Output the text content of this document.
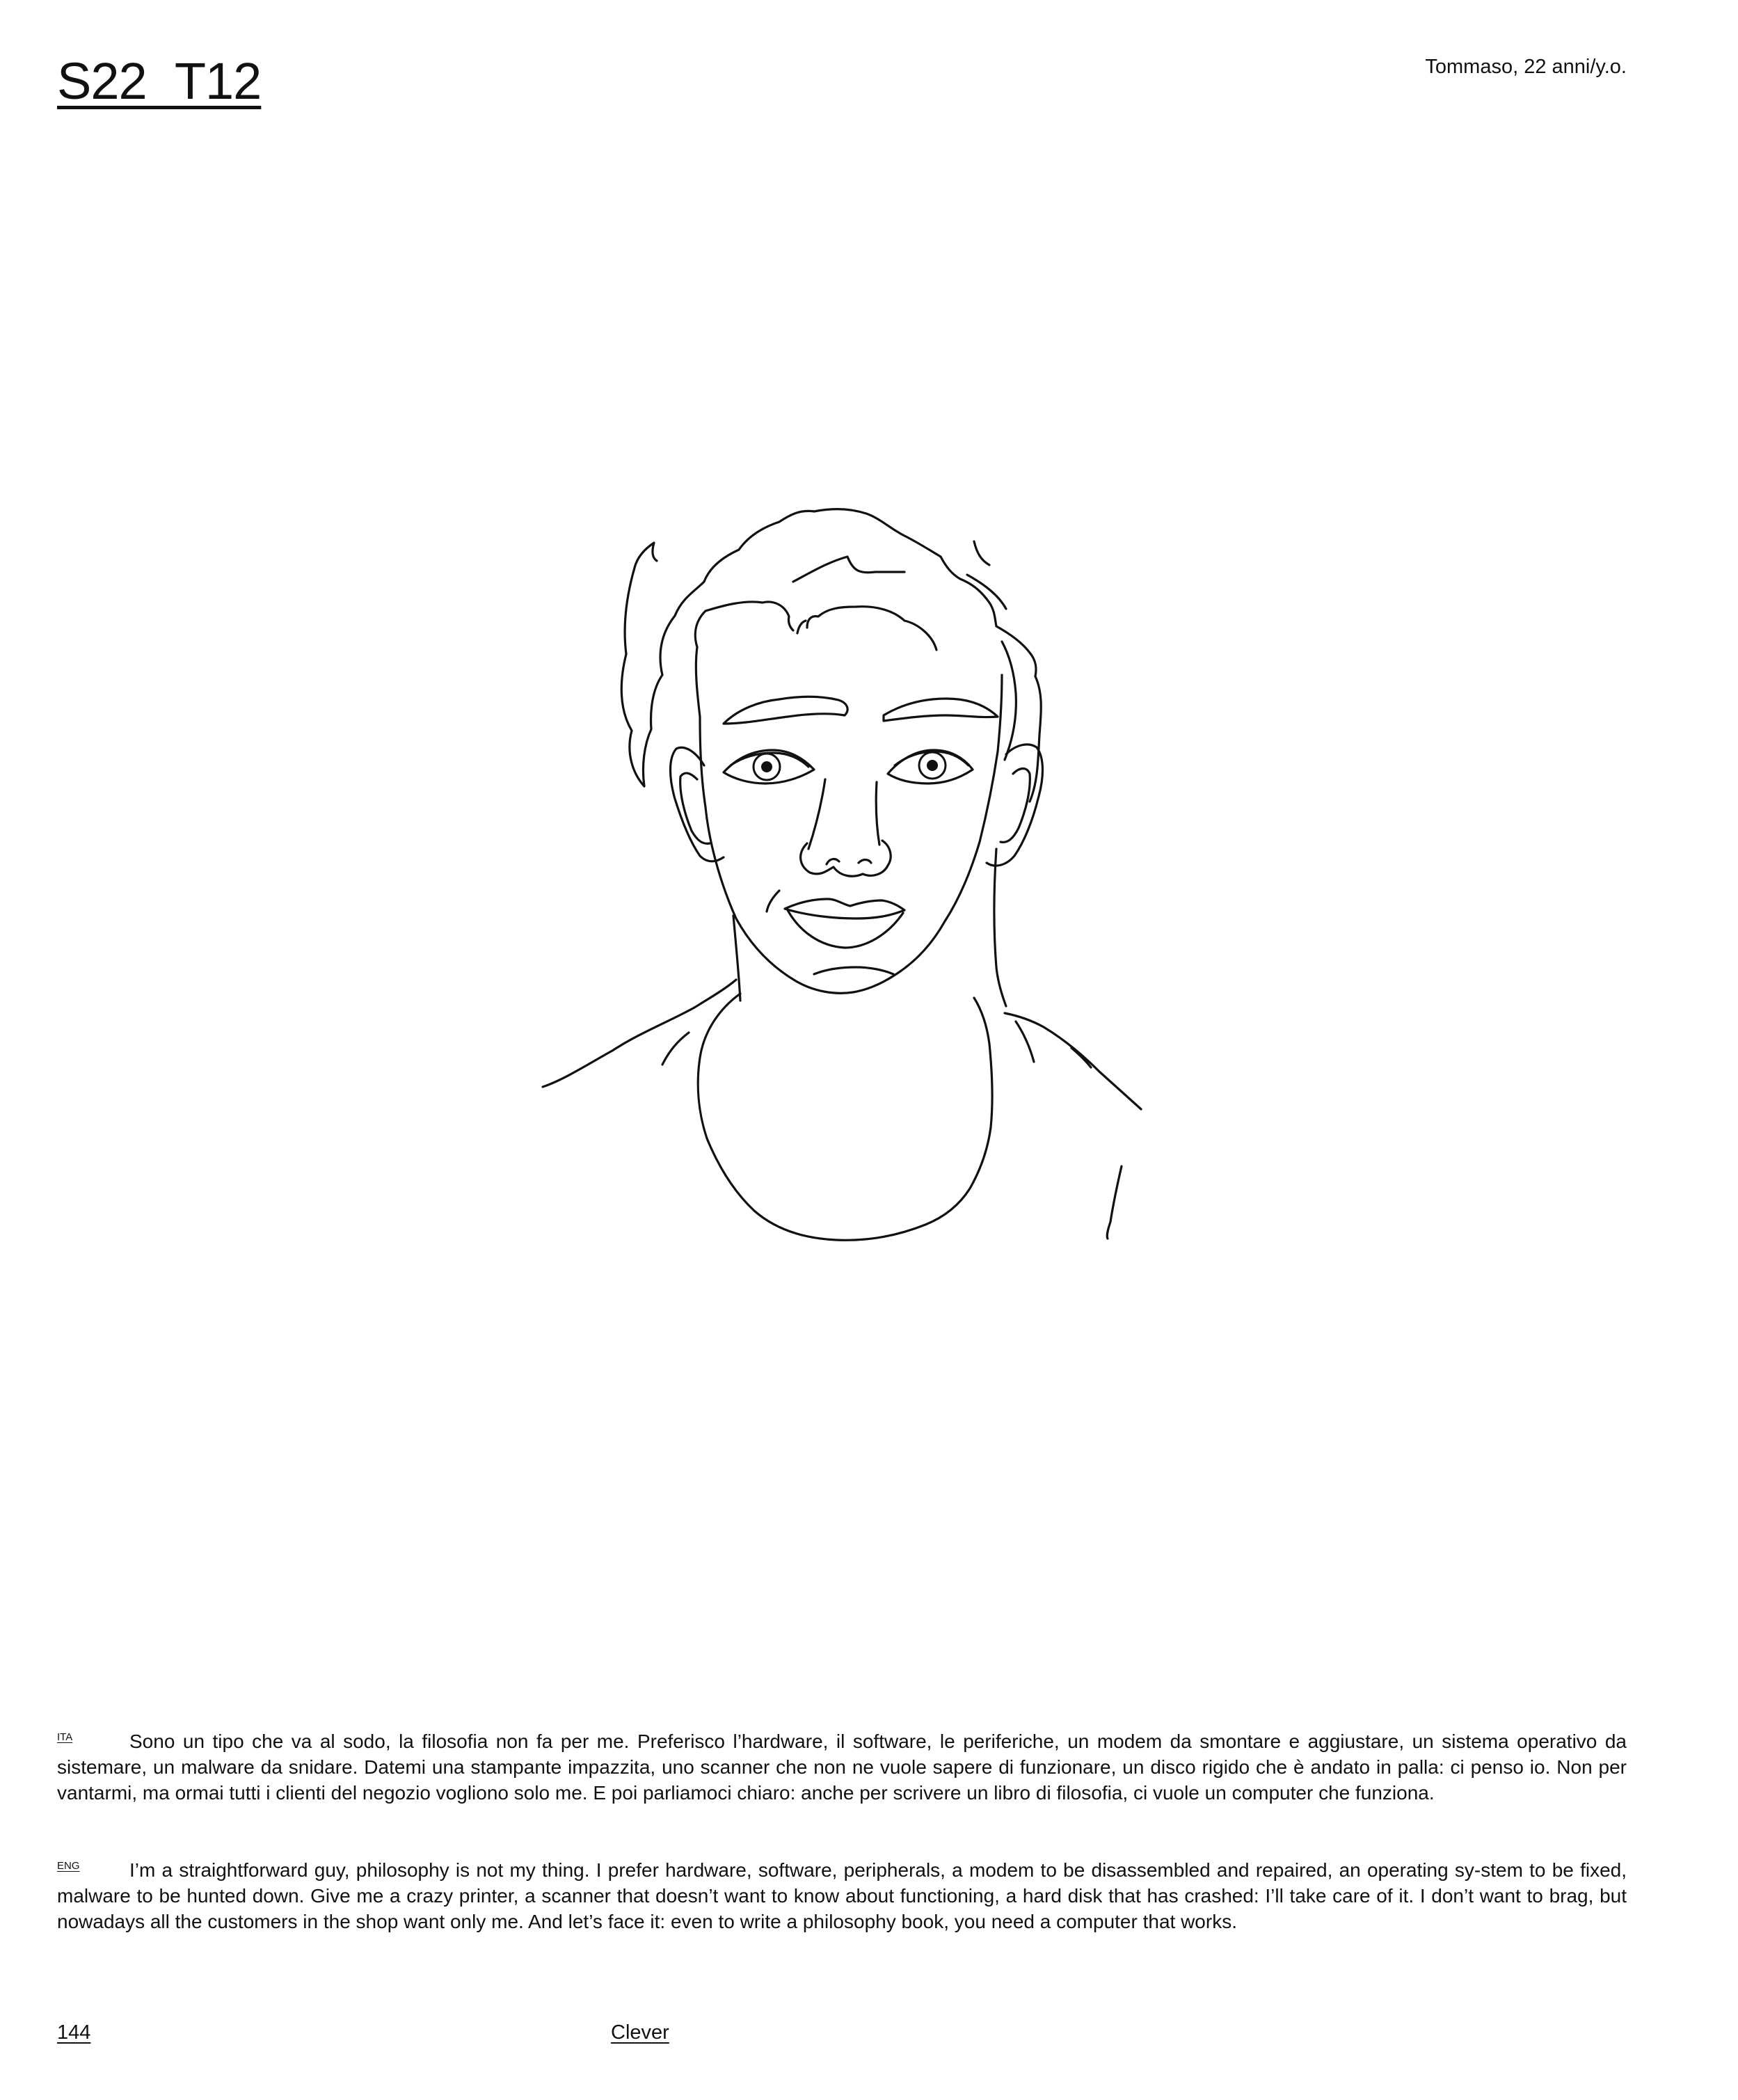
S22_T12	Tommaso, 22 anni/y.o.
ITA	Sono un tipo che va al sodo, la filosofia non fa per me. Preferisco l’hardware, il software, le periferiche, un modem da smontare e aggiustare, un sistema operativo da sistemare, un malware da snidare. Datemi una stampante impazzita, uno scanner che non ne vuole sapere di funzionare, un disco rigido che è andato in palla: ci penso io. Non per vantarmi, ma ormai tutti i clienti del negozio vogliono solo me. E poi parliamoci chiaro: anche per scrivere un libro di filosofia, ci vuole un computer che funziona.

ENG	I’m a straightforward guy, philosophy is not my thing. I prefer hardware, software, peripherals, a modem to be disassembled and repaired, an operating sy-stem to be fixed, malware to be hunted down. Give me a crazy printer, a scanner that doesn’t want to know about functioning, a hard disk that has crashed: I’ll take care of it. I don’t want to brag, but nowadays all the customers in the shop want only me. And let’s face it: even to write a philosophy book, you need a computer that works.

144	Clever
